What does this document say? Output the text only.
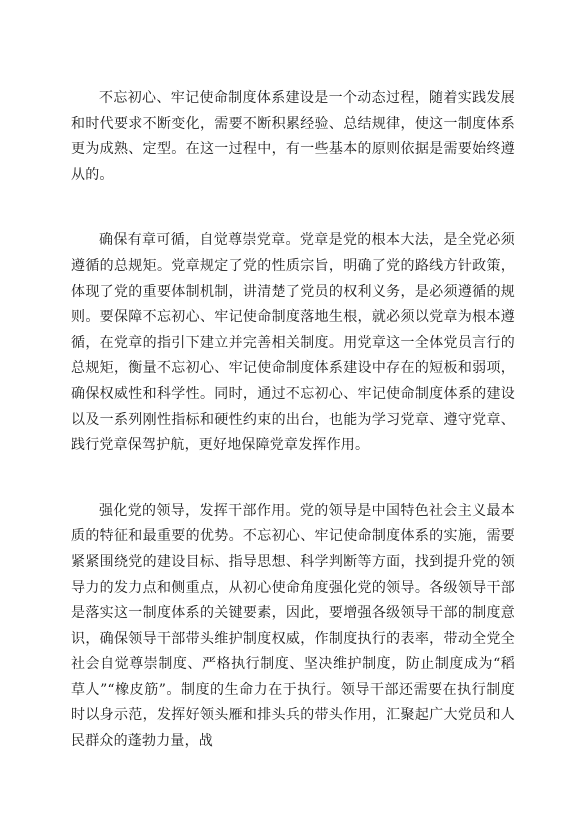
不忘初心、牢记使命制度体系建设是一个动态过程，随着实践发展和时代要求不断变化，需要不断积累经验、总结规律，使这一制度体系更为成熟、定型。在这一过程中，有一些基本的原则依据是需要始终遵从的。

确保有章可循，自觉尊崇党章。党章是党的根本大法，是全党必须遵循的总规矩。党章规定了党的性质宗旨，明确了党的路线方针政策，体现了党的重要体制机制，讲清楚了党员的权利义务，是必须遵循的规则。要保障不忘初心、牢记使命制度落地生根，就必须以党章为根本遵循，在党章的指引下建立并完善相关制度。用党章这一全体党员言行的总规矩，衡量不忘初心、牢记使命制度体系建设中存在的短板和弱项，确保权威性和科学性。同时，通过不忘初心、牢记使命制度体系的建设以及一系列刚性指标和硬性约束的出台，也能为学习党章、遵守党章、践行党章保驾护航，更好地保障党章发挥作用。

强化党的领导，发挥干部作用。党的领导是中国特色社会主义最本质的特征和最重要的优势。不忘初心、牢记使命制度体系的实施，需要紧紧围绕党的建设目标、指导思想、科学判断等方面，找到提升党的领导力的发力点和侧重点，从初心使命角度强化党的领导。各级领导干部是落实这一制度体系的关键要素，因此，要增强各级领导干部的制度意识，确保领导干部带头维护制度权威，作制度执行的表率，带动全党全社会自觉尊崇制度、严格执行制度、坚决维护制度，防止制度成为“稻草人”“橡皮筋”。制度的生命力在于执行。领导干部还需要在执行制度时以身示范，发挥好领头雁和排头兵的带头作用，汇聚起广大党员和人民群众的蓬勃力量，战
